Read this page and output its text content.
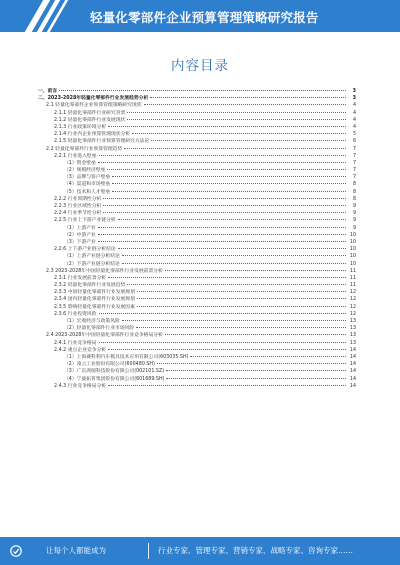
轻量化零部件企业预算管理策略研究报告
内容目录
一、前言	3
二、2023-2028年轻量化零部件行业发展趋势分析	3
2.1 轻量化零部件企业预算管理策略研究现状	4
2.1.1 轻量化零部件行业研究背景	4
2.1.2 轻量化零部件行业发展现状	4
2.1.3 行业政策环境分析	4
2.1.4 行业内企业预算管理现状分析	5
2.1.5 轻量化零部件行业预算管理研究方法论	6
2.2 轻量化零部件行业预算管理趋势	7
2.2.1 行业进入壁垒	7
（1）资金壁垒	7
（2）规模经济壁垒	7
（3）品牌与客户壁垒	7
（4）渠道和市场壁垒	8
（5）技术和人才壁垒	8
2.2.2 行业周期性分析	8
2.2.3 行业区域性分析	9
2.2.4 行业季节性分析	9
2.2.5 行业上下游产业链分析	9
（1）上游产业	9
（2）中游产业	10
（3）下游产业	10
2.2.6 上下游产业链分析结论	10
（1）上游产业链分析结论	10
（2）下游产业链分析结论	10
2.3 2023-2028年中国轻量化零部件行业发展前景分析	11
2.3.1 行业发展前景分析	11
2.3.2 轻量化零部件行业发展趋势	11
2.3.3 中国轻量化零部件行业发展规划	12
2.3.4 国内轻量化零部件行业发展规划	12
2.3.5 影响轻量化零部件行业发展因素	12
2.3.6 行业投资风险	12
（1）宏观经济与政策风险	13
（2）轻量化零部件行业市场风险	13
2.4 2023-2028年中国轻量化零部件行业竞争格局分析	13
2.4.1 行业竞争格局	13
2.4.2 重点企业竞争分析	14
（1）上海赛科利汽车模具技术应用有限公司(603035.SH)	14
（2）凌云工业股份有限公司(600480.SH)	14
（3）广东鸿图科技股份有限公司(002101.SZ)	14
（4）宁波拓普集团股份有限公司(601689.SH)	14
2.4.3 行业竞争格局分析	14
让每个人都能成为	行业专家、管理专家、营销专家、战略专家、咨询专家……
